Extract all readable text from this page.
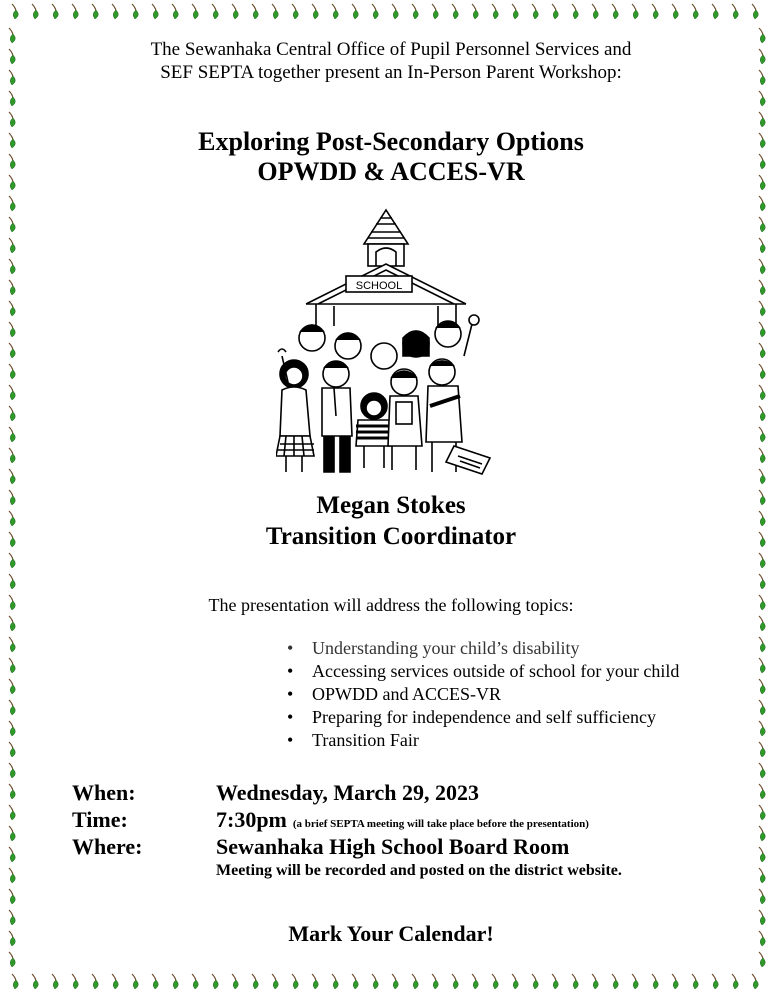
The Sewanhaka Central Office of Pupil Personnel Services and
SEF SEPTA together present an In-Person Parent Workshop:
Exploring Post-Secondary Options
OPWDD & ACCES-VR
SCHOOL
Megan Stokes
Transition Coordinator
The presentation will address the following topics:
• Understanding your child’s disability
• Accessing services outside of school for your child
• OPWDD and ACCES-VR
• Preparing for independence and self sufficiency
• Transition Fair
When:	Wednesday, March 29, 2023
Time:	7:30pm (a brief SEPTA meeting will take place before the presentation)
Where:	Sewanhaka High School Board Room
Meeting will be recorded and posted on the district website.
Mark Your Calendar!
